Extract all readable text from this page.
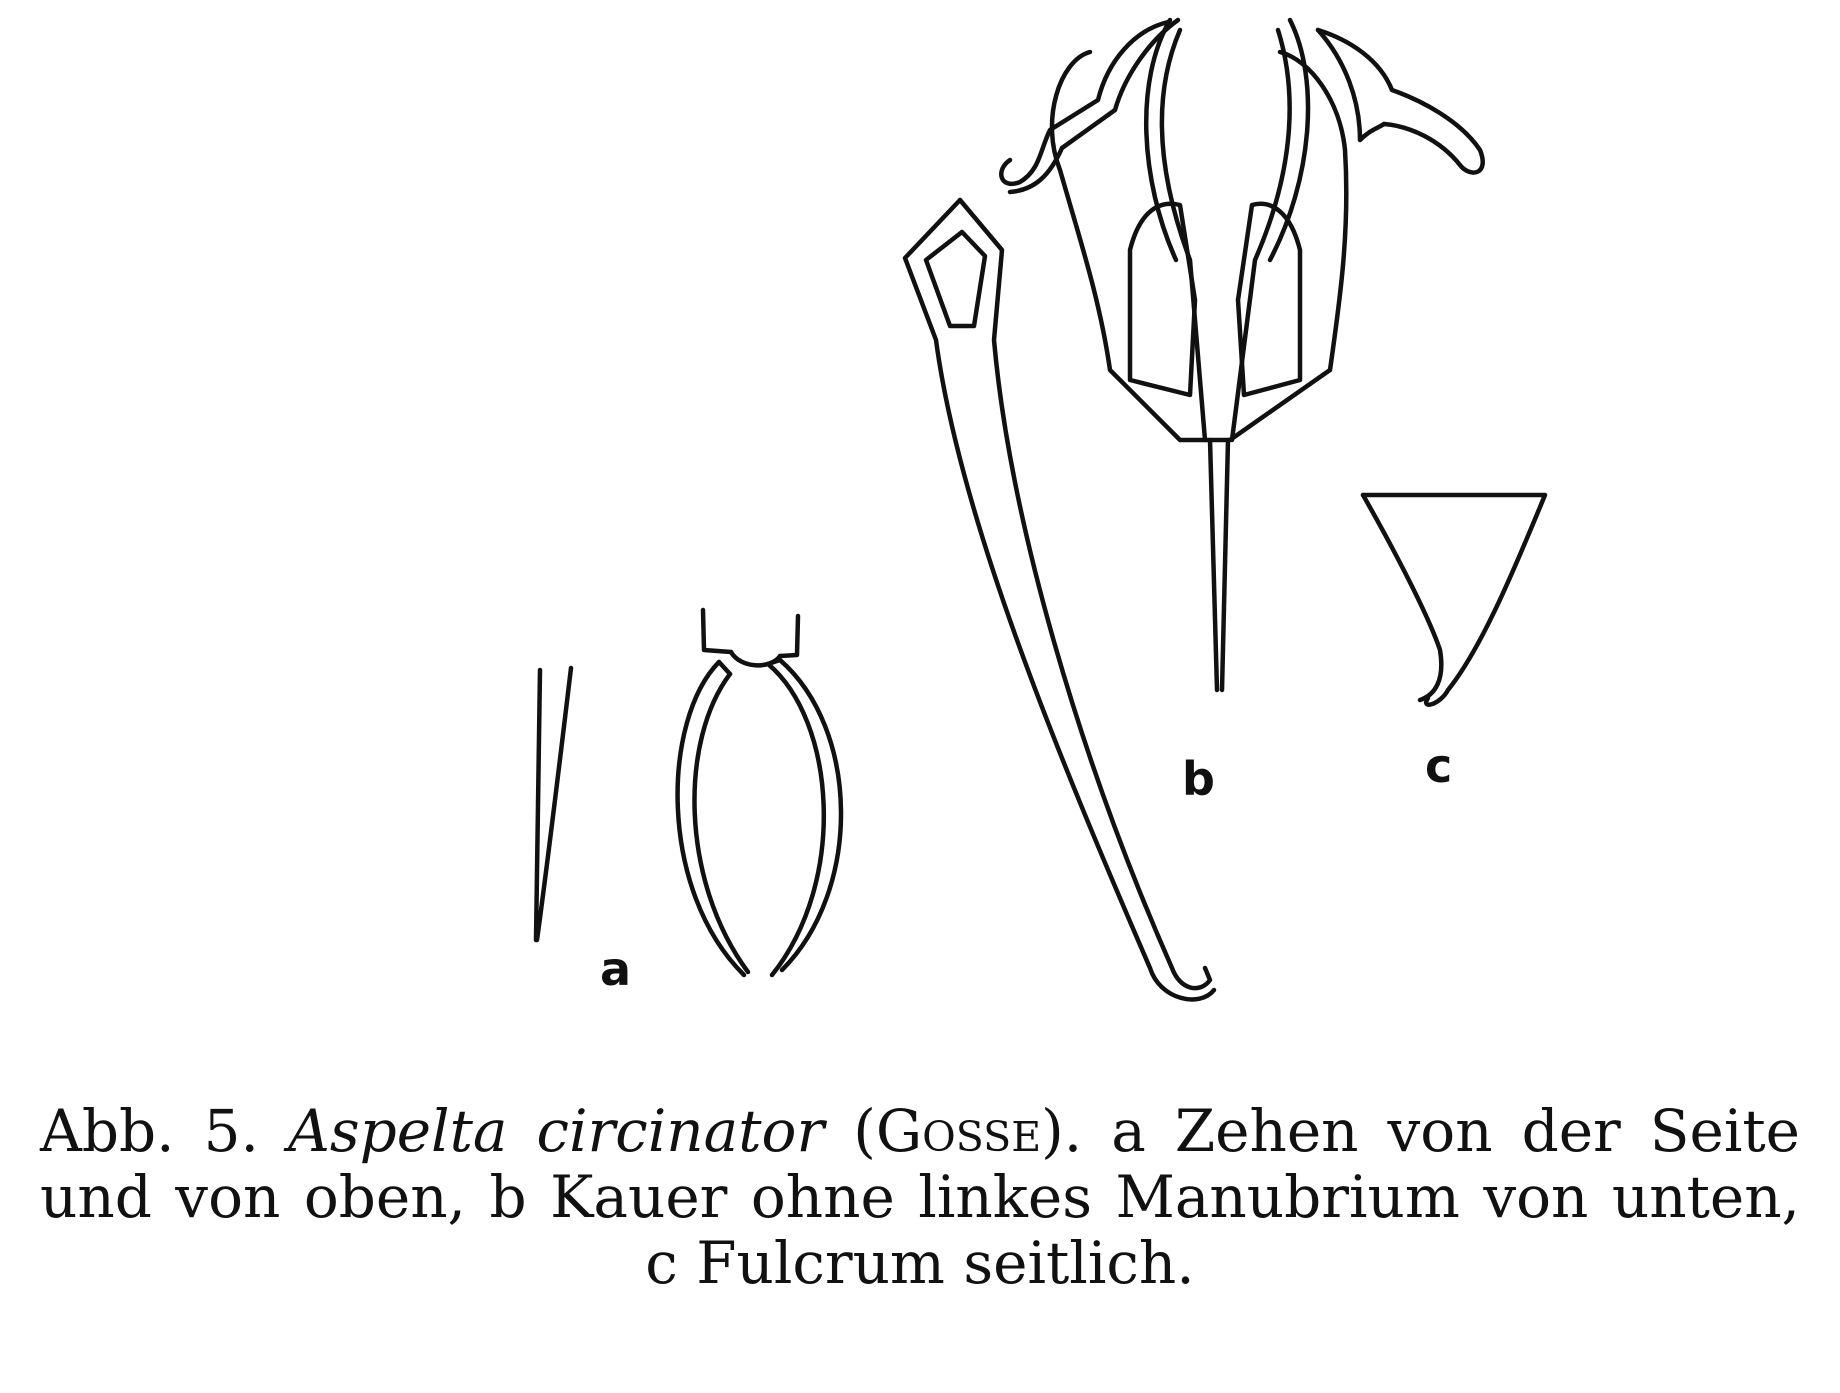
a
b	c
Abb. 5. Aspelta circinator (Gosse). a Zehen von der Seite
und von oben, b Kauer ohne linkes Manubrium von unten,
c Fulcrum seitlich.
